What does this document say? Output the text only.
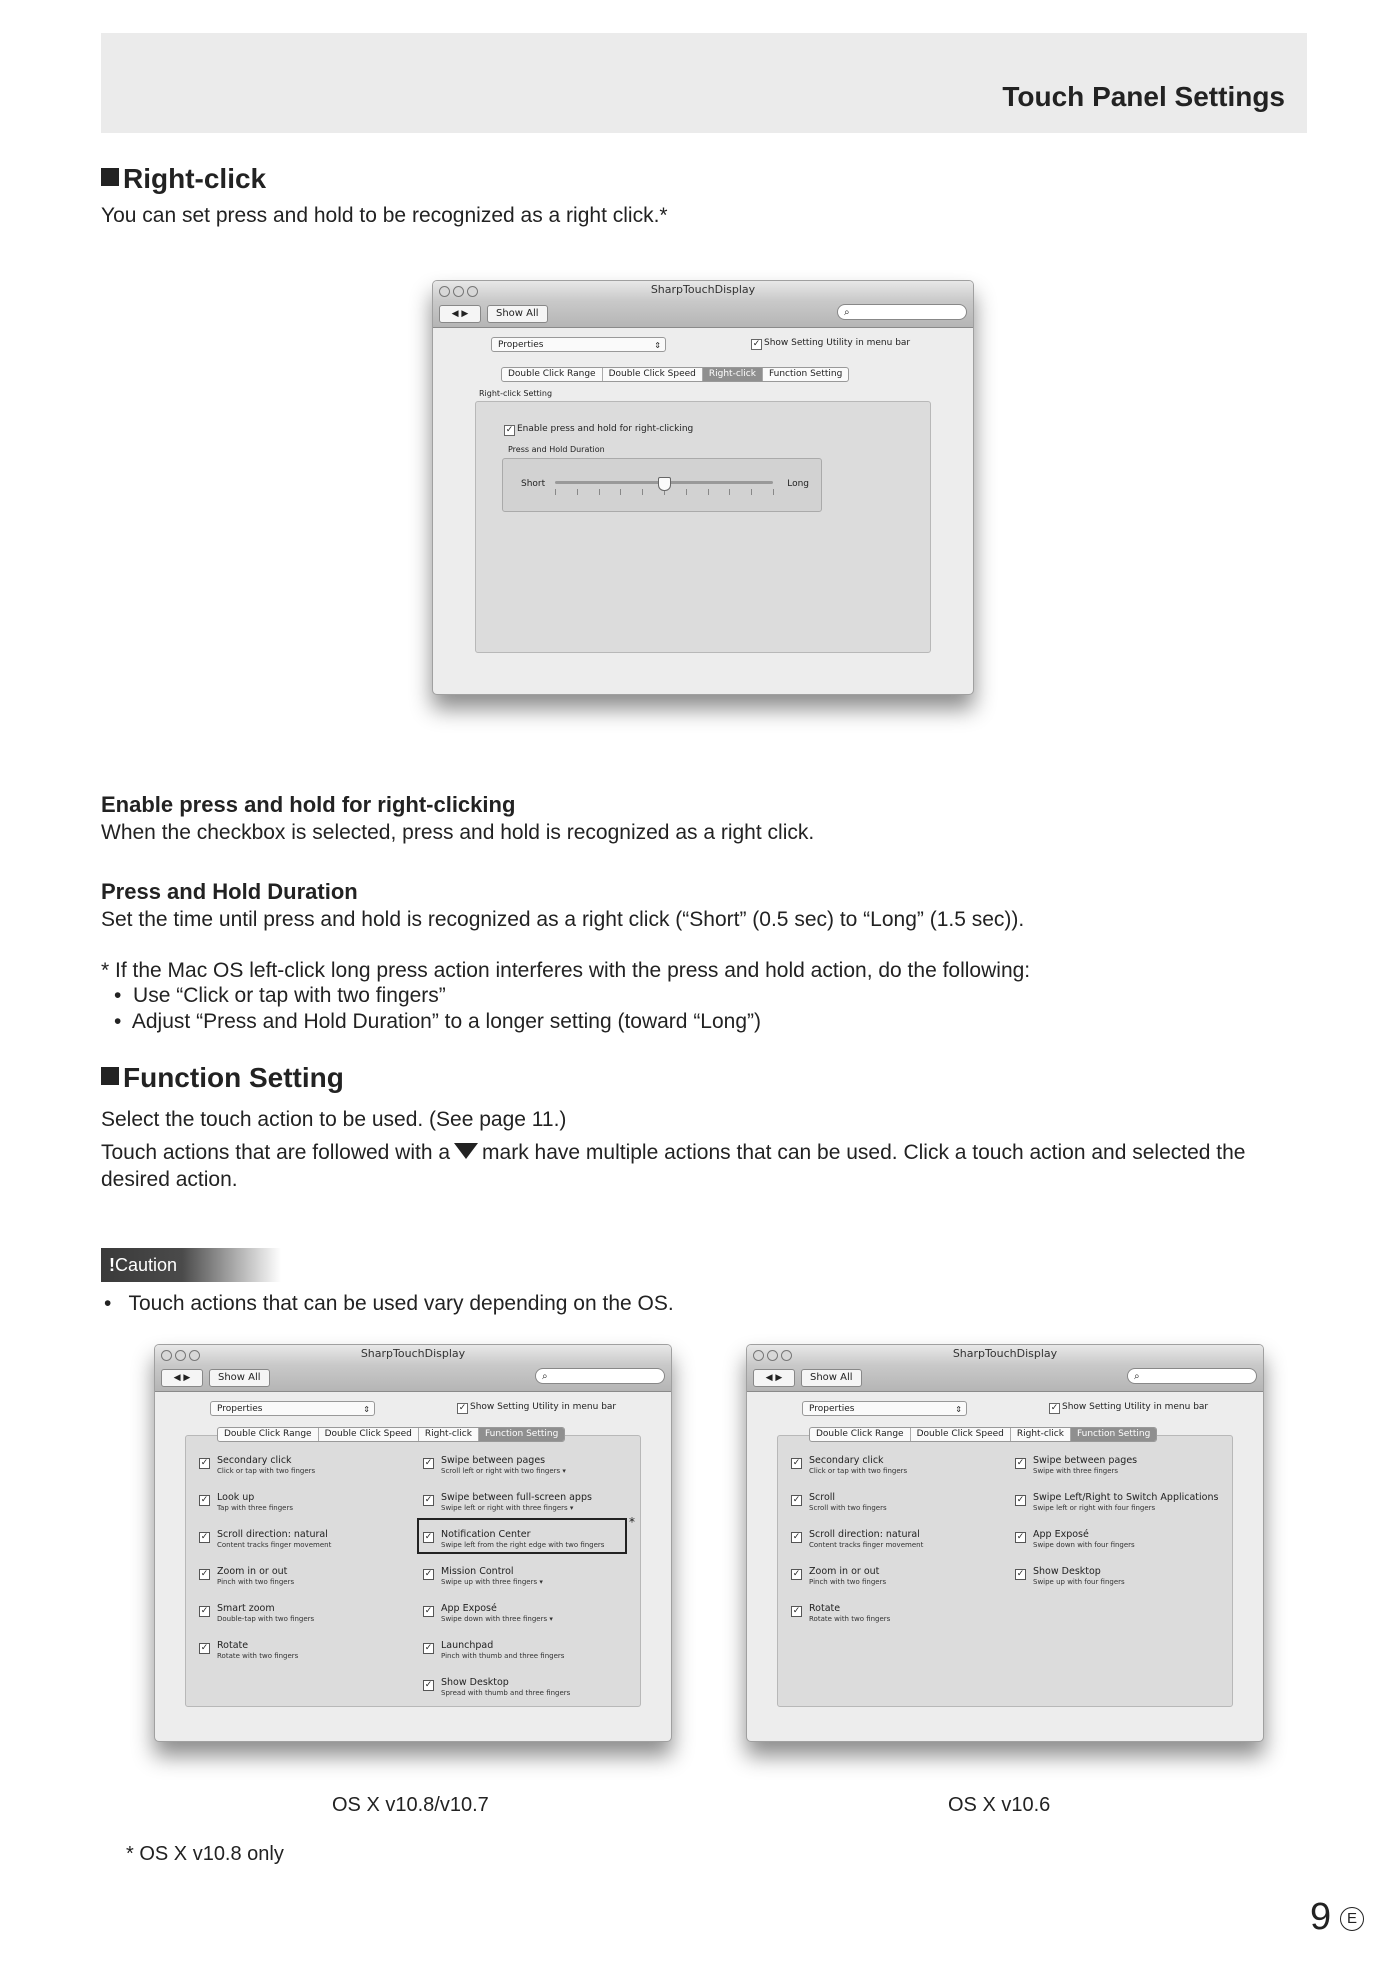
Touch Panel Settings
Right-click
You can set press and hold to be recognized as a right click.*
SharpTouchDisplay
◀ ▶	Show All	⌕
Properties	⇕	✓ Show Setting Utility in menu bar
Double Click Range	Double Click Speed	Right-click	Function Setting
Right-click Setting
✓ Enable press and hold for right-clicking
Press and Hold Duration
Short	Long
Enable press and hold for right-clicking
When the checkbox is selected, press and hold is recognized as a right click.
Press and Hold Duration
Set the time until press and hold is recognized as a right click (“Short” (0.5 sec) to “Long” (1.5 sec)).
* If the Mac OS left-click long press action interferes with the press and hold action, do the following:
•  Use “Click or tap with two fingers”
•  Adjust “Press and Hold Duration” to a longer setting (toward “Long”)
Function Setting
Select the touch action to be used. (See page 11.)
Touch actions that are followed with a mark have multiple actions that can be used. Click a touch action and selected the
desired action.
!Caution
•   Touch actions that can be used vary depending on the OS.
SharpTouchDisplay
◀ ▶	Show All	⌕
Properties	⇕	✓ Show Setting Utility in menu bar
Double Click Range	Double Click Speed	Right-click	Function Setting
✓ Secondary click
Click or tap with two fingers
✓ Look up
Tap with three fingers
✓ Scroll direction: natural
Content tracks finger movement
✓ Zoom in or out
Pinch with two fingers
✓ Smart zoom
Double-tap with two fingers
✓ Rotate
Rotate with two fingers
✓ Swipe between pages
Scroll left or right with two fingers ▾
✓ Swipe between full-screen apps
Swipe left or right with three fingers ▾
✓ Notification Center
Swipe left from the right edge with two fingers
✓ Mission Control
Swipe up with three fingers ▾
✓ App Exposé
Swipe down with three fingers ▾
✓ Launchpad
Pinch with thumb and three fingers
✓ Show Desktop
Spread with thumb and three fingers
*
SharpTouchDisplay
◀ ▶	Show All	⌕
Properties	⇕	✓ Show Setting Utility in menu bar
Double Click Range	Double Click Speed	Right-click	Function Setting
✓ Secondary click
Click or tap with two fingers
✓ Scroll
Scroll with two fingers
✓ Scroll direction: natural
Content tracks finger movement
✓ Zoom in or out
Pinch with two fingers
✓ Rotate
Rotate with two fingers
✓ Swipe between pages
Swipe with three fingers
✓ Swipe Left/Right to Switch Applications
Swipe left or right with four fingers
✓ App Exposé
Swipe down with four fingers
✓ Show Desktop
Swipe up with four fingers
OS X v10.8/v10.7	OS X v10.6
* OS X v10.8 only
9	E
